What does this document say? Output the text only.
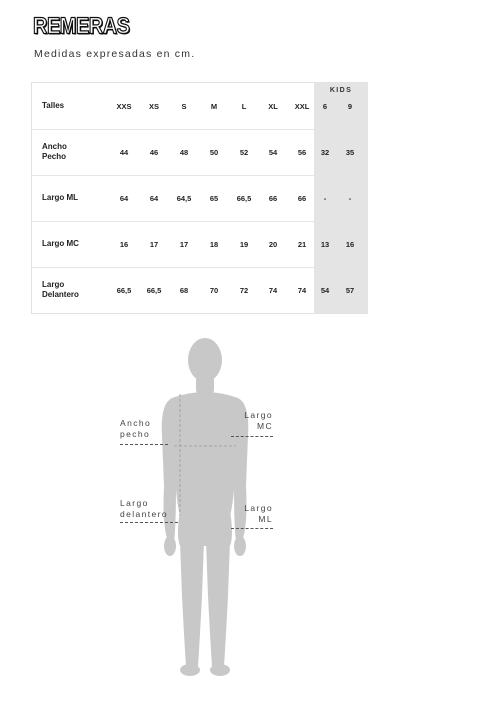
REMERAS
Medidas expresadas en cm.
KIDS
Talles	XXS	XS	S	M	L	XL	XXL	6	9
Ancho
Pecho	44	46	48	50	52	54	56	32	35
Largo ML	64	64	64,5	65	66,5	66	66	-	-
Largo MC	16	17	17	18	19	20	21	13	16
Largo
Delantero	66,5	66,5	68	70	72	74	74	54	57
Ancho
pecho
Largo
MC
Largo
delantero
Largo
ML
